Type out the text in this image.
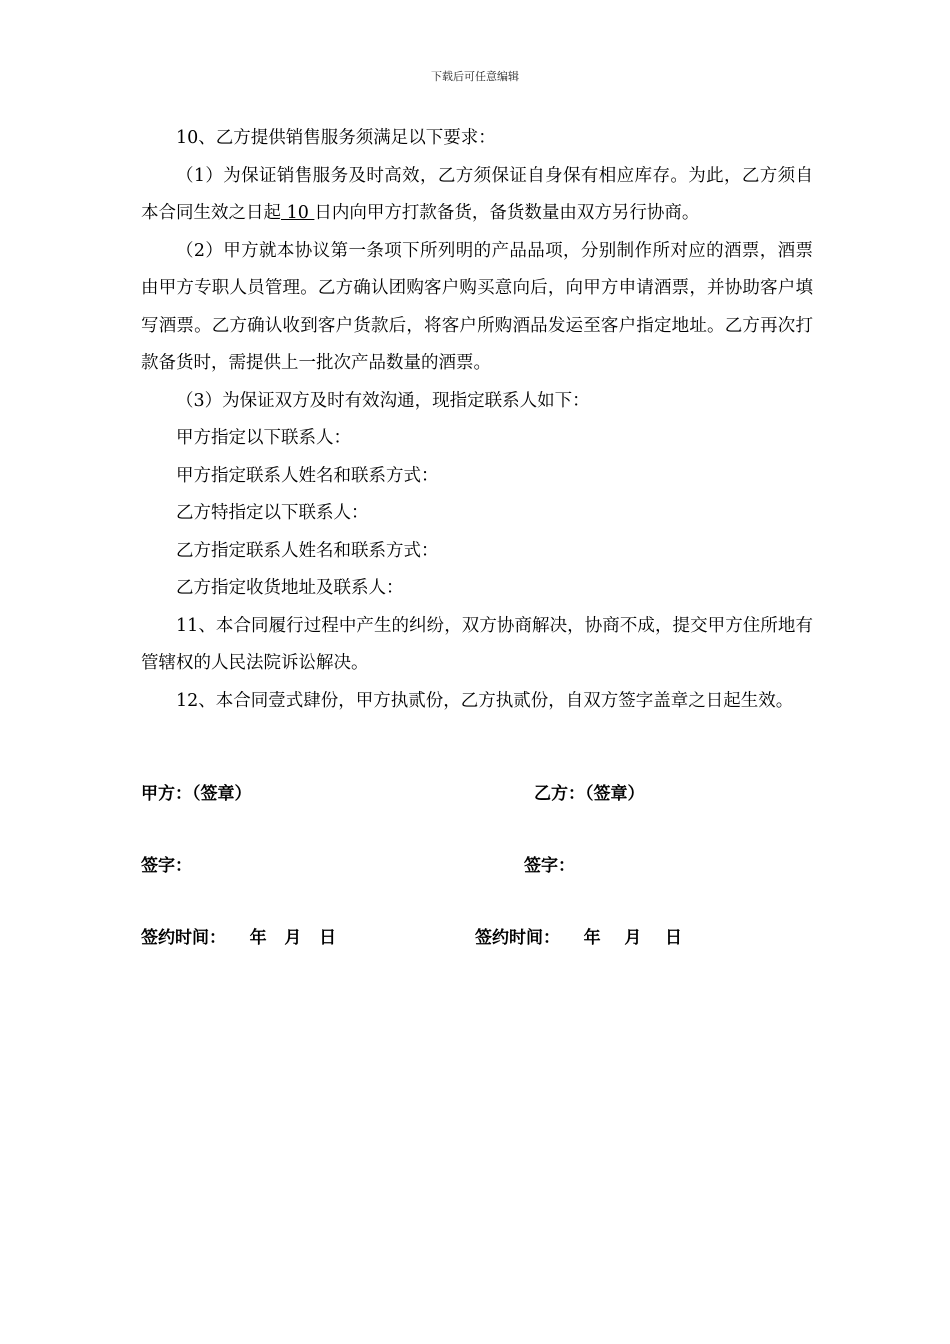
下载后可任意编辑

10、乙方提供销售服务须满足以下要求：

（1）为保证销售服务及时高效，乙方须保证自身保有相应库存。为此，乙方须自本合同生效之日起 10 日内向甲方打款备货，备货数量由双方另行协商。

（2）甲方就本协议第一条项下所列明的产品品项，分别制作所对应的酒票，酒票由甲方专职人员管理。乙方确认团购客户购买意向后，向甲方申请酒票，并协助客户填写酒票。乙方确认收到客户货款后，将客户所购酒品发运至客户指定地址。乙方再次打款备货时，需提供上一批次产品数量的酒票。

（3）为保证双方及时有效沟通，现指定联系人如下：

甲方指定以下联系人：

甲方指定联系人姓名和联系方式：

乙方特指定以下联系人：

乙方指定联系人姓名和联系方式：

乙方指定收货地址及联系人：

11、本合同履行过程中产生的纠纷，双方协商解决，协商不成，提交甲方住所地有管辖权的人民法院诉讼解决。

12、本合同壹式肆份，甲方执贰份，乙方执贰份，自双方签字盖章之日起生效。

甲方：（签章）	乙方：（签章）
签字：	签字：
签约时间：    年   月   日	签约时间：    年    月    日
